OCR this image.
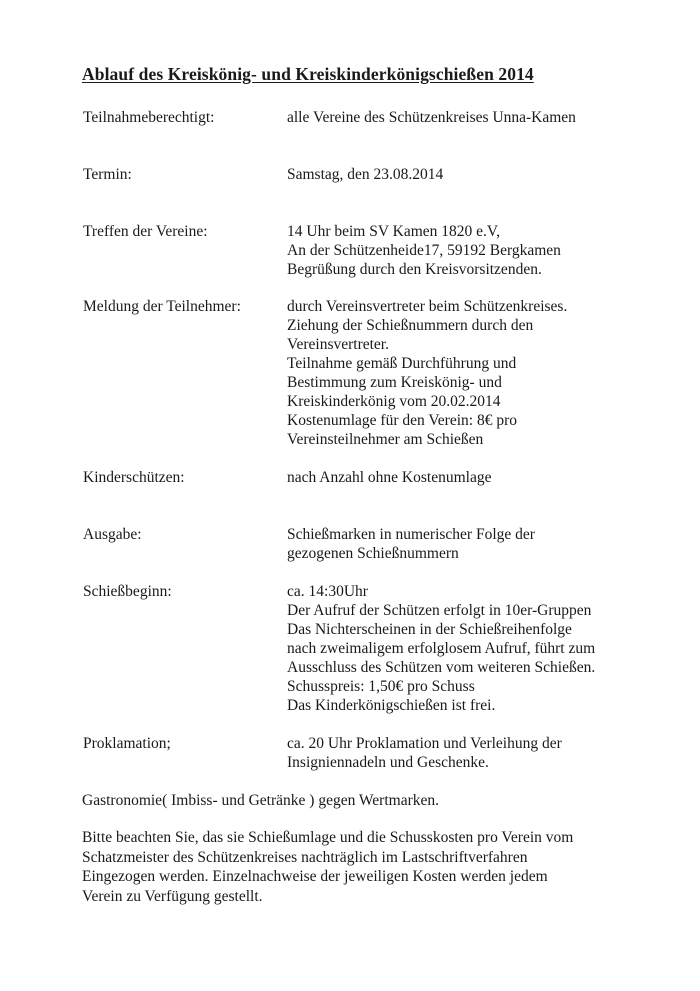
Ablauf des Kreiskönig- und Kreiskinderkönigschießen 2014
Teilnahmeberechtigt:	alle Vereine des Schützenkreises Unna-Kamen
Termin:	Samstag, den 23.08.2014
Treffen der Vereine:	14 Uhr beim SV Kamen 1820 e.V,
An der Schützenheide17, 59192 Bergkamen
Begrüßung durch den Kreisvorsitzenden.
Meldung der Teilnehmer:	durch Vereinsvertreter beim Schützenkreises.
Ziehung der Schießnummern durch den
Vereinsvertreter.
Teilnahme gemäß Durchführung und
Bestimmung zum Kreiskönig- und
Kreiskinderkönig vom 20.02.2014
Kostenumlage für den Verein: 8€ pro
Vereinsteilnehmer am Schießen
Kinderschützen:	nach Anzahl ohne Kostenumlage
Ausgabe:	Schießmarken in numerischer Folge der
gezogenen Schießnummern
Schießbeginn:	ca. 14:30Uhr
Der Aufruf der Schützen erfolgt in 10er-Gruppen
Das Nichterscheinen in der Schießreihenfolge
nach zweimaligem erfolglosem Aufruf, führt zum
Ausschluss des Schützen vom weiteren Schießen.
Schusspreis: 1,50€ pro Schuss
Das Kinderkönigschießen ist frei.
Proklamation;	ca. 20 Uhr Proklamation und Verleihung der
Insigniennadeln und Geschenke.
Gastronomie( Imbiss- und Getränke ) gegen Wertmarken.
Bitte beachten Sie, das sie Schießumlage und die Schusskosten pro Verein vom
Schatzmeister des Schützenkreises nachträglich im Lastschriftverfahren
Eingezogen werden. Einzelnachweise der jeweiligen Kosten werden jedem
Verein zu Verfügung gestellt.
